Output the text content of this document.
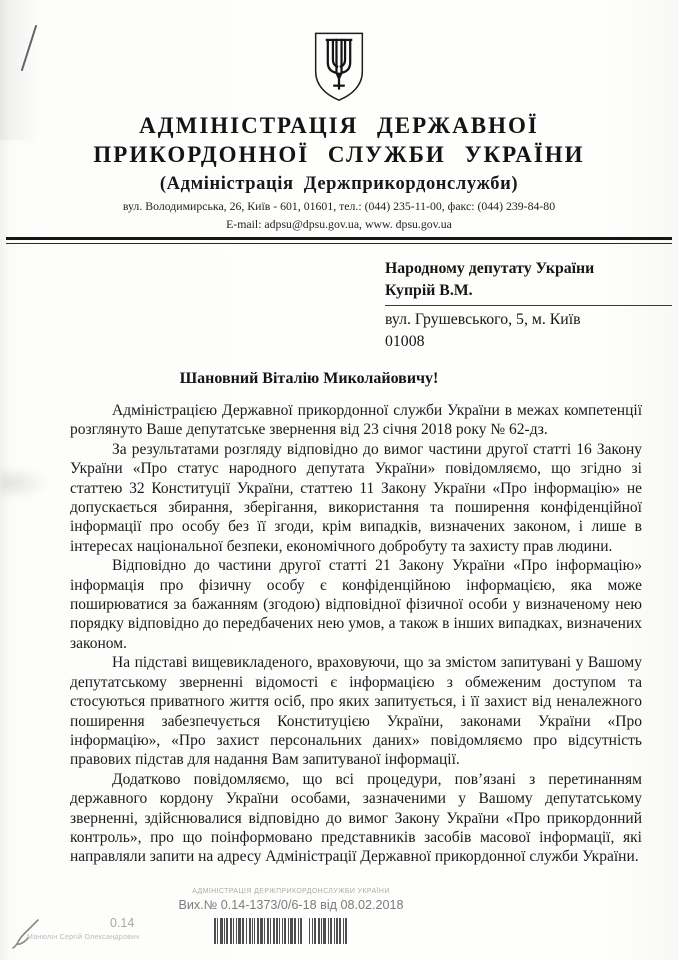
АДМІНІСТРАЦІЯ ДЕРЖАВНОЇ
ПРИКОРДОННОЇ СЛУЖБИ УКРАЇНИ
(Адміністрація Держприкордонслужби)
вул. Володимирська, 26, Київ - 601, 01601, тел.: (044) 235-11-00, факс: (044) 239-84-80
E-mail: adpsu@dpsu.gov.ua, www. dpsu.gov.ua
Народному депутату України
Купрій В.М.
вул. Грушевського, 5, м. Київ
01008
Шановний Віталію Миколайовичу!

Адміністрацією Державної прикордонної служби України в межах компетенції розглянуто Ваше депутатське звернення від 23 січня 2018 року № 62-дз.

За результатами розгляду відповідно до вимог частини другої статті 16 Закону України «Про статус народного депутата України» повідомляємо, що згідно зі статтею 32 Конституції України, статтею 11 Закону України «Про інформацію» не допускається збирання, зберігання, використання та поширення конфіденційної інформації про особу без її згоди, крім випадків, визначених законом, і лише в інтересах національної безпеки, економічного добробуту та захисту прав людини.

Відповідно до частини другої статті 21 Закону України «Про інформацію» інформація про фізичну особу є конфіденційною інформацією, яка може поширюватися за бажанням (згодою) відповідної фізичної особи у визначеному нею порядку відповідно до передбачених нею умов, а також в інших випадках, визначених законом.

На підставі вищевикладеного, враховуючи, що за змістом запитувані у Вашому депутатському зверненні відомості є інформацією з обмеженим доступом та стосуються приватного життя осіб, про яких запитується, і її захист від неналежного поширення забезпечується Конституцією України, законами України «Про інформацію», «Про захист персональних даних» повідомляємо про відсутність правових підстав для надання Вам запитуваної інформації.

Додатково повідомляємо, що всі процедури, пов’язані з перетинанням державного кордону України особами, зазначеними у Вашому депутатському зверненні, здійснювалися відповідно до вимог Закону України «Про прикордонний контроль», про що поінформовано представників засобів масової інформації, які направляли запити на адресу Адміністрації Державної прикордонної служби України.

АДМІНІСТРАЦІЯ ДЕРЖПРИКОРДОНСЛУЖБИ УКРАЇНИ
Вих.№ 0.14-1373/0/6-18 від 08.02.2018
0.14
Манюлін Сергій Олександрович
